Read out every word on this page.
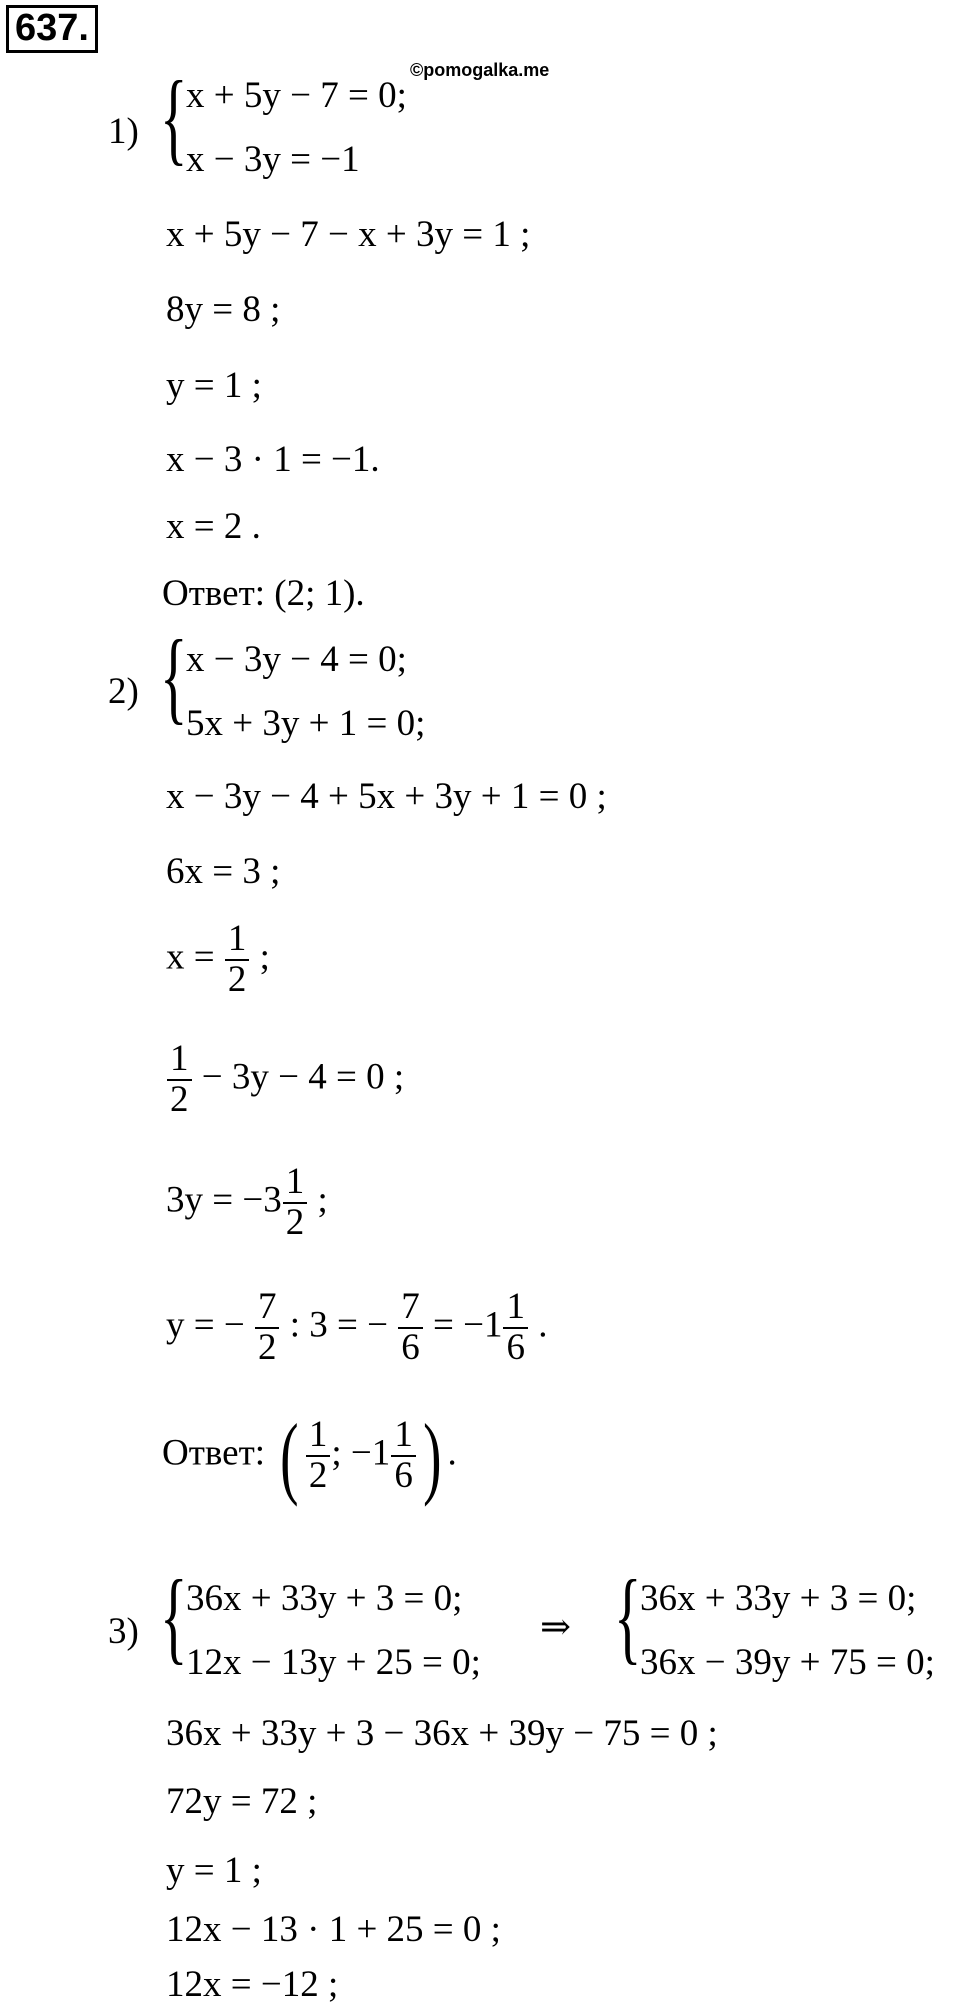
637.
©pomogalka.me
1) {
x + 5y − 7 = 0;
x − 3y = −1
x + 5y − 7 − x + 3y = 1 ;
8y = 8 ;
y = 1 ;
x − 3 · 1 = −1.
x = 2 .
Ответ: (2; 1).
2) {
x − 3y − 4 = 0;
5x + 3y + 1 = 0;
x − 3y − 4 + 5x + 3y + 1 = 0 ;
6x = 3 ;
$x = \frac{1}{2}$ ;
$\frac{1}{2} - 3y - 4 = 0$ ;
$3y = -3 \frac{1}{2}$ ;
y = − $\frac{7}{2}$ : 3 = − $\frac{7}{6} = -1 \frac{1}{6}$ .
Ответ: ( $\frac{1}{2}$ ; $-1 \frac{1}{6}$ ) .
3) {
36x + 33y + 3 = 0;
12x − 13y + 25 = 0;
⇒ {
36x + 33y + 3 = 0;
36x − 39y + 75 = 0;
36x + 33y + 3 − 36x + 39y − 75 = 0 ;
72y = 72 ;
y = 1 ;
12x − 13 · 1 + 25 = 0 ;
12x = −12 ;
